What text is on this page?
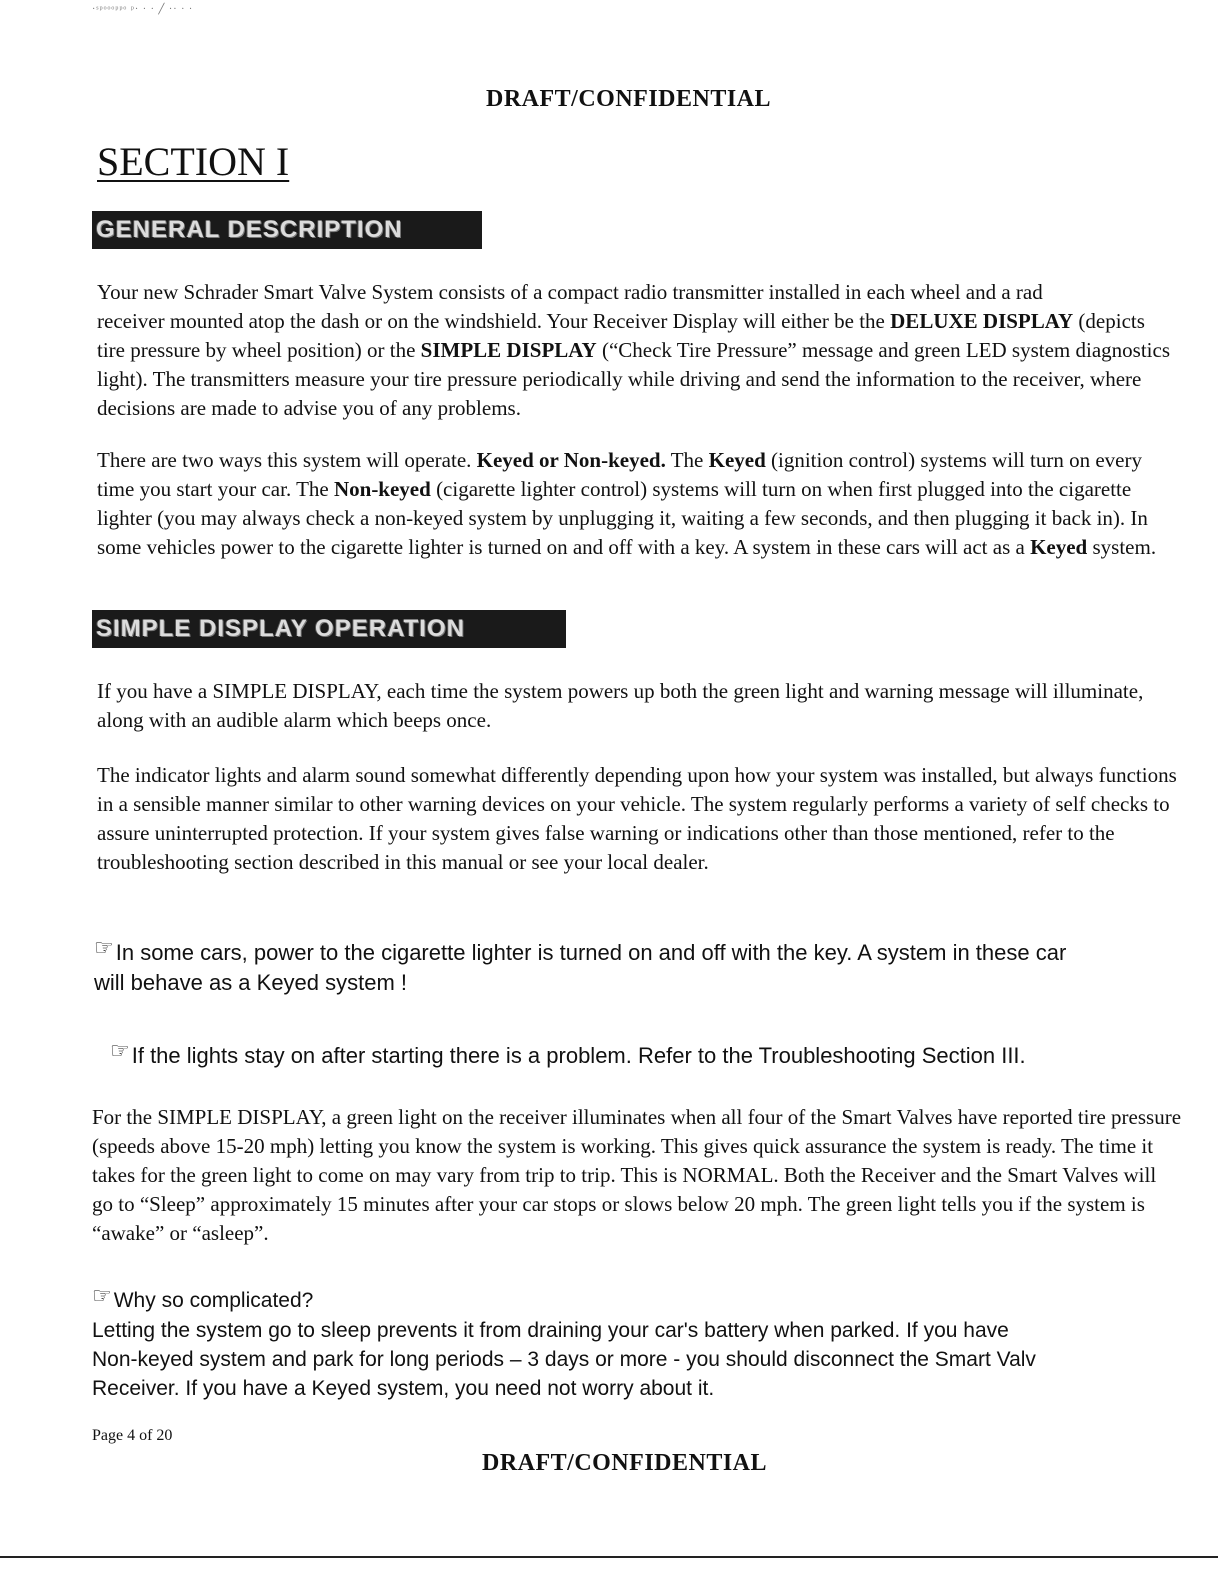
·ˢᵖᵒᵒᵒᵖᵖᵒ ᵖ· · · ╱ ·· · ·
DRAFT/CONFIDENTIAL
SECTION I
GENERAL DESCRIPTION

Your new Schrader Smart Valve System consists of a compact radio transmitter installed in each wheel and a rad

receiver mounted atop the dash or on the windshield. Your Receiver Display will either be the DELUXE DISPLAY (depicts tire pressure by wheel position) or the SIMPLE DISPLAY (“Check Tire Pressure” message and green LED system diagnostics light). The transmitters measure your tire pressure periodically while driving and send the information to the receiver, where decisions are made to advise you of any problems.

There are two ways this system will operate. Keyed or Non-keyed. The Keyed (ignition control) systems will turn on every time you start your car. The Non-keyed (cigarette lighter control) systems will turn on when first plugged into the cigarette lighter (you may always check a non-keyed system by unplugging it, waiting a few seconds, and then plugging it back in). In some vehicles power to the cigarette lighter is turned on and off with a key. A system in these cars will act as a Keyed system.

SIMPLE DISPLAY OPERATION

If you have a SIMPLE DISPLAY, each time the system powers up both the green light and warning message will illuminate, along with an audible alarm which beeps once.

The indicator lights and alarm sound somewhat differently depending upon how your system was installed, but always functions in a sensible manner similar to other warning devices on your vehicle. The system regularly performs a variety of self checks to assure uninterrupted protection. If your system gives false warning or indications other than those mentioned, refer to the troubleshooting section described in this manual or see your local dealer.

☞In some cars, power to the cigarette lighter is turned on and off with the key. A system in these car
will behave as a Keyed system !
☞If the lights stay on after starting there is a problem. Refer to the Troubleshooting Section III.

For the SIMPLE DISPLAY, a green light on the receiver illuminates when all four of the Smart Valves have reported tire pressure (speeds above 15-20 mph) letting you know the system is working. This gives quick assurance the system is ready. The time it takes for the green light to come on may vary from trip to trip. This is NORMAL. Both the Receiver and the Smart Valves will go to “Sleep” approximately 15 minutes after your car stops or slows below 20 mph. The green light tells you if the system is “awake” or “asleep”.

☞Why so complicated?
Letting the system go to sleep prevents it from draining your car's battery when parked. If you have
Non-keyed system and park for long periods – 3 days or more - you should disconnect the Smart Valv
Receiver. If you have a Keyed system, you need not worry about it.
Page 4 of 20
DRAFT/CONFIDENTIAL
